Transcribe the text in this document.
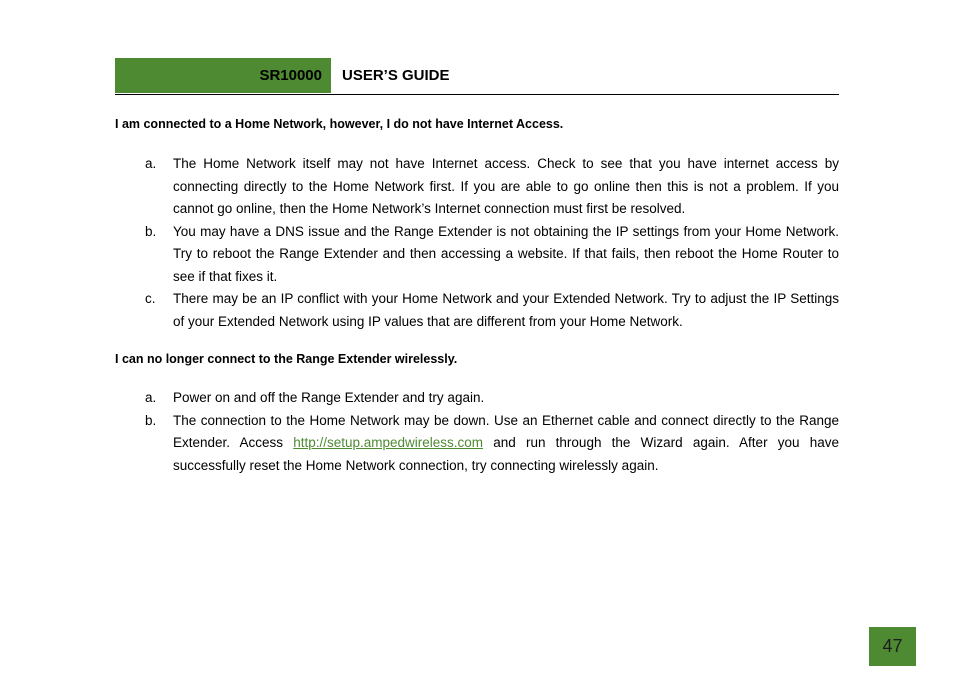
SR10000	USER’S GUIDE
I am connected to a Home Network, however, I do not have Internet Access.
a. The Home Network itself may not have Internet access. Check to see that you have internet access by connecting directly to the Home Network first. If you are able to go online then this is not a problem. If you cannot go online, then the Home Network’s Internet connection must first be resolved.
b. You may have a DNS issue and the Range Extender is not obtaining the IP settings from your Home Network. Try to reboot the Range Extender and then accessing a website. If that fails, then reboot the Home Router to see if that fixes it.
c. There may be an IP conflict with your Home Network and your Extended Network. Try to adjust the IP Settings of your Extended Network using IP values that are different from your Home Network.
I can no longer connect to the Range Extender wirelessly.
a. Power on and off the Range Extender and try again.
b. The connection to the Home Network may be down. Use an Ethernet cable and connect directly to the Range Extender. Access http://setup.ampedwireless.com and run through the Wizard again. After you have successfully reset the Home Network connection, try connecting wirelessly again.
47
